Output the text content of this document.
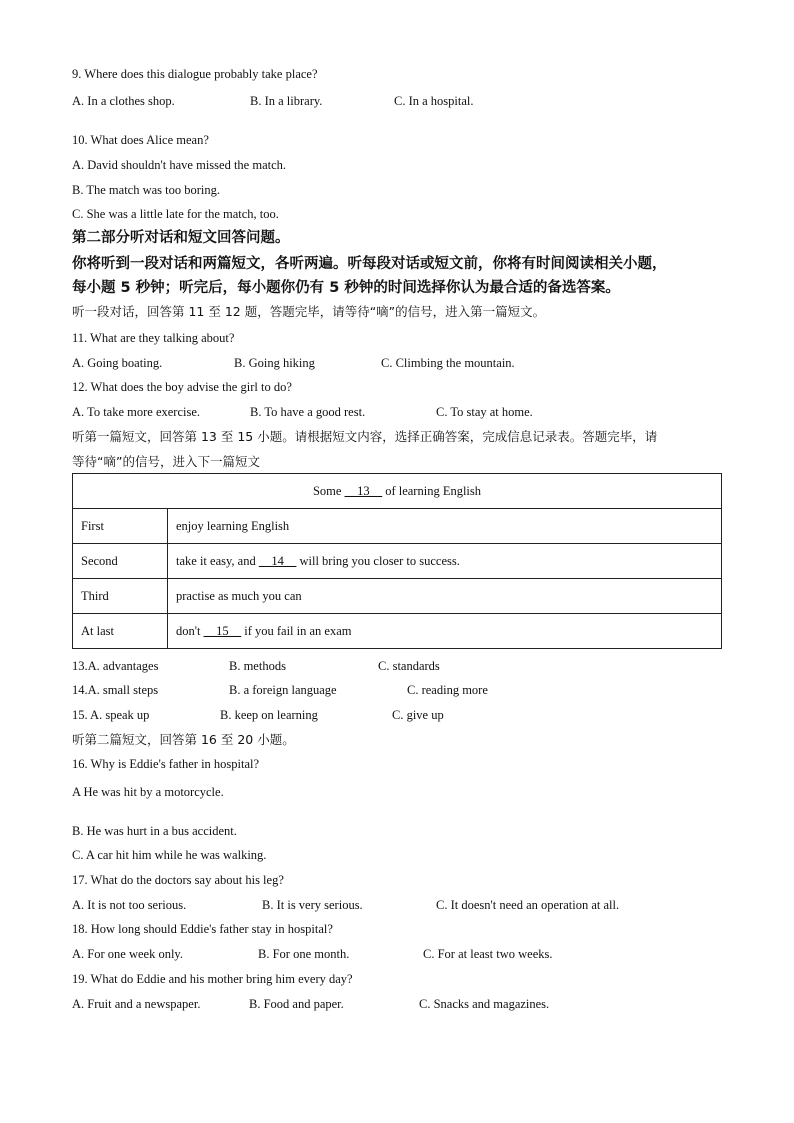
9. Where does this dialogue probably take place?
A. In a clothes shop.	B. In a library.	C. In a hospital.
10. What does Alice mean?
A. David shouldn't have missed the match.
B. The match was too boring.
C. She was a little late for the match, too.
第二部分听对话和短文回答问题。
你将听到一段对话和两篇短文，各听两遍。听每段对话或短文前，你将有时间阅读相关小题，
每小题 5 秒钟；听完后，每小题你仍有 5 秒钟的时间选择你认为最合适的备选答案。
听一段对话，回答第 11 至 12 题，答题完毕，请等待“嘀”的信号，进入第一篇短文。
11. What are they talking about?
A. Going boating.	B. Going hiking	C. Climbing the mountain.
12. What does the boy advise the girl to do?
A. To take more exercise.	B. To have a good rest.	C. To stay at home.
听第一篇短文，回答第 13 至 15 小题。请根据短文内容，选择正确答案，完成信息记录表。答题完毕，请
等待“嘀”的信号，进入下一篇短文
Some __13__ of learning English	
First	enjoy learning English
Second	take it easy, and __14__ will bring you closer to success.
Third	practise as much you can
At last	don't __15__ if you fail in an exam
13.A. advantages	B. methods	C. standards
14.A. small steps	B. a foreign language	C. reading more
15. A. speak up	B. keep on learning	C. give up
听第二篇短文，回答第 16 至 20 小题。
16. Why is Eddie's father in hospital?
A He was hit by a motorcycle.
B. He was hurt in a bus accident.
C. A car hit him while he was walking.
17. What do the doctors say about his leg?
A. It is not too serious.	B. It is very serious.	C. It doesn't need an operation at all.
18. How long should Eddie's father stay in hospital?
A. For one week only.	B. For one month.	C. For at least two weeks.
19. What do Eddie and his mother bring him every day?
A. Fruit and a newspaper.	B. Food and paper.	C. Snacks and magazines.
